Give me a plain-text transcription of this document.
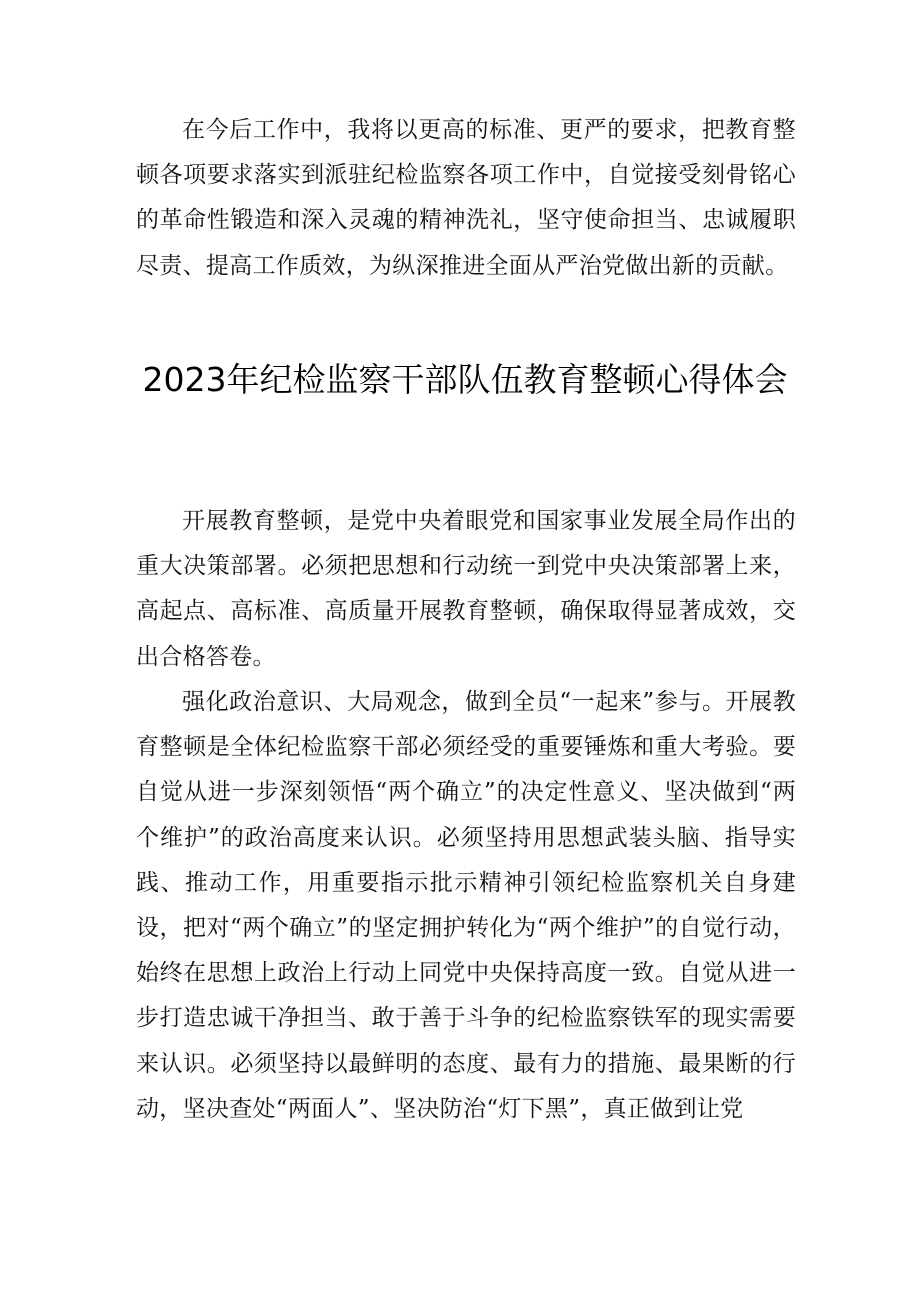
在今后工作中，我将以更高的标准、更严的要求，把教育整顿各项要求落实到派驻纪检监察各项工作中，自觉接受刻骨铭心的革命性锻造和深入灵魂的精神洗礼，坚守使命担当、忠诚履职尽责、提高工作质效，为纵深推进全面从严治党做出新的贡献。

2023年纪检监察干部队伍教育整顿心得体会

开展教育整顿，是党中央着眼党和国家事业发展全局作出的重大决策部署。必须把思想和行动统一到党中央决策部署上来，高起点、高标准、高质量开展教育整顿，确保取得显著成效，交出合格答卷。

强化政治意识、大局观念，做到全员“一起来”参与。开展教育整顿是全体纪检监察干部必须经受的重要锤炼和重大考验。要自觉从进一步深刻领悟“两个确立”的决定性意义、坚决做到“两个维护”的政治高度来认识。必须坚持用思想武装头脑、指导实践、推动工作，用重要指示批示精神引领纪检监察机关自身建设，把对“两个确立”的坚定拥护转化为“两个维护”的自觉行动，始终在思想上政治上行动上同党中央保持高度一致。自觉从进一步打造忠诚干净担当、敢于善于斗争的纪检监察铁军的现实需要来认识。必须坚持以最鲜明的态度、最有力的措施、最果断的行动，坚决查处“两面人”、坚决防治“灯下黑”，真正做到让党
